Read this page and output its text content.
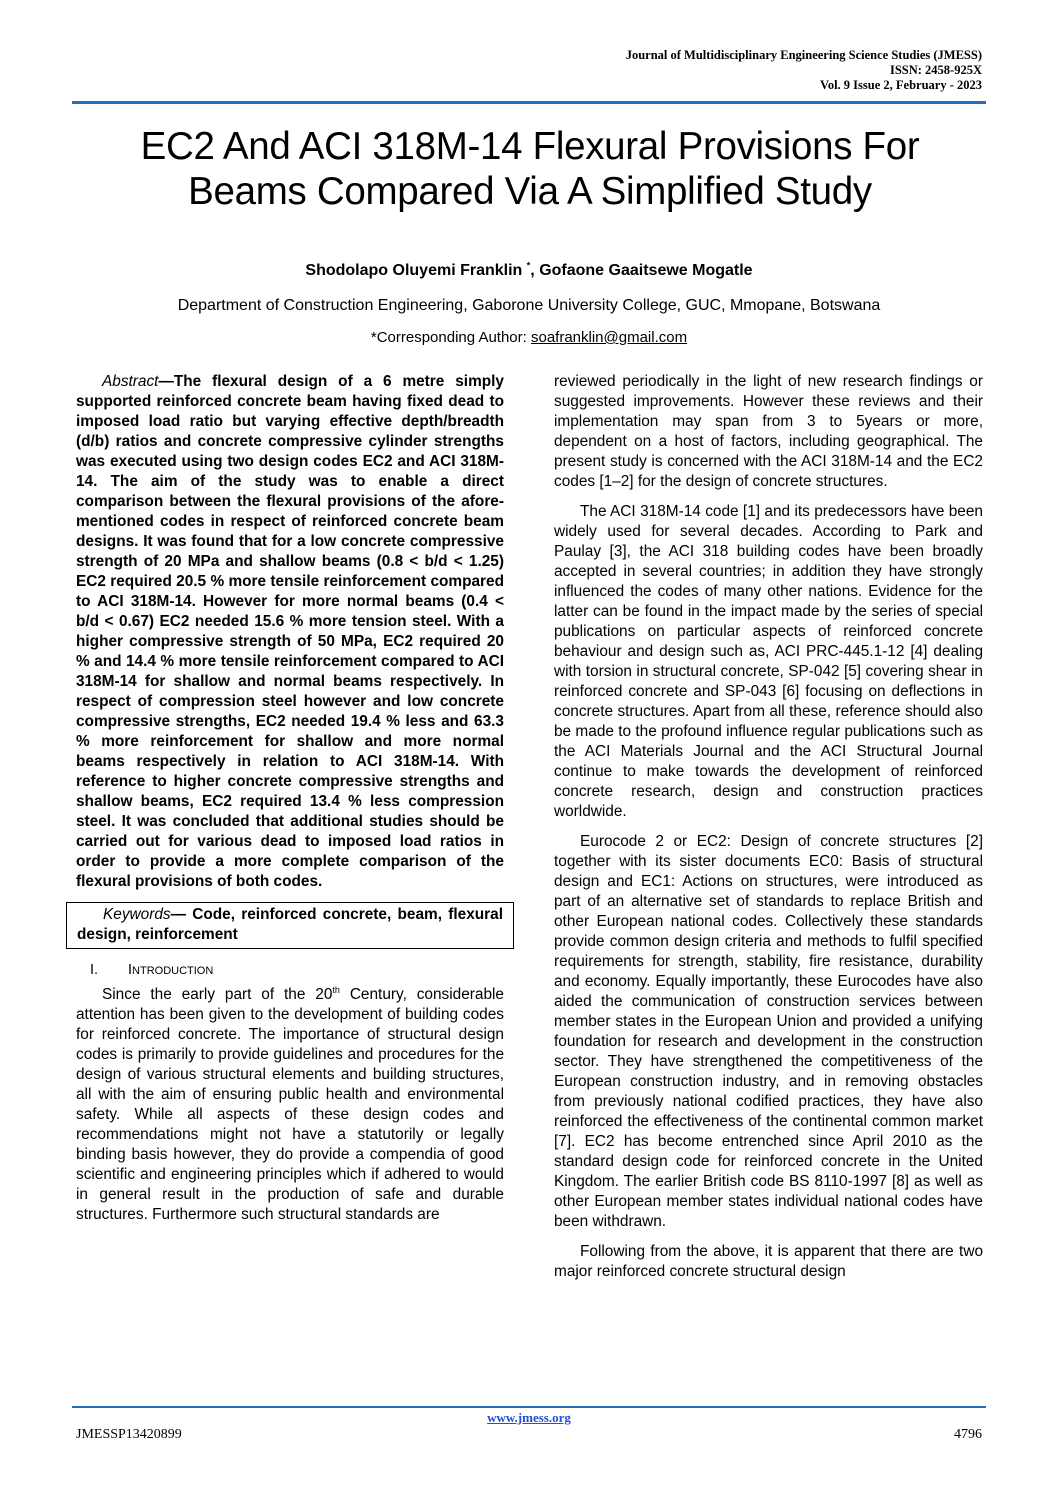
Journal of Multidisciplinary Engineering Science Studies (JMESS)
ISSN: 2458-925X
Vol. 9 Issue 2, February - 2023
EC2 And ACI 318M-14 Flexural Provisions For
Beams Compared Via A Simplified Study
Shodolapo Oluyemi Franklin *, Gofaone Gaaitsewe Mogatle
Department of Construction Engineering, Gaborone University College, GUC, Mmopane, Botswana
*Corresponding Author: soafranklin@gmail.com

Abstract—The flexural design of a 6 metre simply supported reinforced concrete beam having fixed dead to imposed load ratio but varying effective depth/breadth (d/b) ratios and concrete compressive cylinder strengths was executed using two design codes EC2 and ACI 318M-14. The aim of the study was to enable a direct comparison between the flexural provisions of the afore-mentioned codes in respect of reinforced concrete beam designs. It was found that for a low concrete compressive strength of 20 MPa and shallow beams (0.8 < b/d < 1.25) EC2 required 20.5 % more tensile reinforcement compared to ACI 318M-14. However for more normal beams (0.4 < b/d < 0.67) EC2 needed 15.6 % more tension steel. With a higher compressive strength of 50 MPa, EC2 required 20 % and 14.4 % more tensile reinforcement compared to ACI 318M-14 for shallow and normal beams respectively. In respect of compression steel however and low concrete compressive strengths, EC2 needed 19.4 % less and 63.3 % more reinforcement for shallow and more normal beams respectively in relation to ACI 318M-14. With reference to higher concrete compressive strengths and shallow beams, EC2 required 13.4 % less compression steel. It was concluded that additional studies should be carried out for various dead to imposed load ratios in order to provide a more complete comparison of the flexural provisions of both codes.

Keywords— Code, reinforced concrete, beam, flexural design, reinforcement
I. INTRODUCTION

Since the early part of the 20th Century, considerable attention has been given to the development of building codes for reinforced concrete. The importance of structural design codes is primarily to provide guidelines and procedures for the design of various structural elements and building structures, all with the aim of ensuring public health and environmental safety. While all aspects of these design codes and recommendations might not have a statutorily or legally binding basis however, they do provide a compendia of good scientific and engineering principles which if adhered to would in general result in the production of safe and durable structures. Furthermore such structural standards are

reviewed periodically in the light of new research findings or suggested improvements. However these reviews and their implementation may span from 3 to 5years or more, dependent on a host of factors, including geographical. The present study is concerned with the ACI 318M-14 and the EC2 codes [1–2] for the design of concrete structures.

The ACI 318M-14 code [1] and its predecessors have been widely used for several decades. According to Park and Paulay [3], the ACI 318 building codes have been broadly accepted in several countries; in addition they have strongly influenced the codes of many other nations. Evidence for the latter can be found in the impact made by the series of special publications on particular aspects of reinforced concrete behaviour and design such as, ACI PRC-445.1-12 [4] dealing with torsion in structural concrete, SP-042 [5] covering shear in reinforced concrete and SP-043 [6] focusing on deflections in concrete structures. Apart from all these, reference should also be made to the profound influence regular publications such as the ACI Materials Journal and the ACI Structural Journal continue to make towards the development of reinforced concrete research, design and construction practices worldwide.

Eurocode 2 or EC2: Design of concrete structures [2] together with its sister documents EC0: Basis of structural design and EC1: Actions on structures, were introduced as part of an alternative set of standards to replace British and other European national codes. Collectively these standards provide common design criteria and methods to fulfil specified requirements for strength, stability, fire resistance, durability and economy. Equally importantly, these Eurocodes have also aided the communication of construction services between member states in the European Union and provided a unifying foundation for research and development in the construction sector. They have strengthened the competitiveness of the European construction industry, and in removing obstacles from previously national codified practices, they have also reinforced the effectiveness of the continental common market [7]. EC2 has become entrenched since April 2010 as the standard design code for reinforced concrete in the United Kingdom. The earlier British code BS 8110-1997 [8] as well as other European member states individual national codes have been withdrawn.

Following from the above, it is apparent that there are two major reinforced concrete structural design

www.jmess.org
JMESSP13420899	4796
